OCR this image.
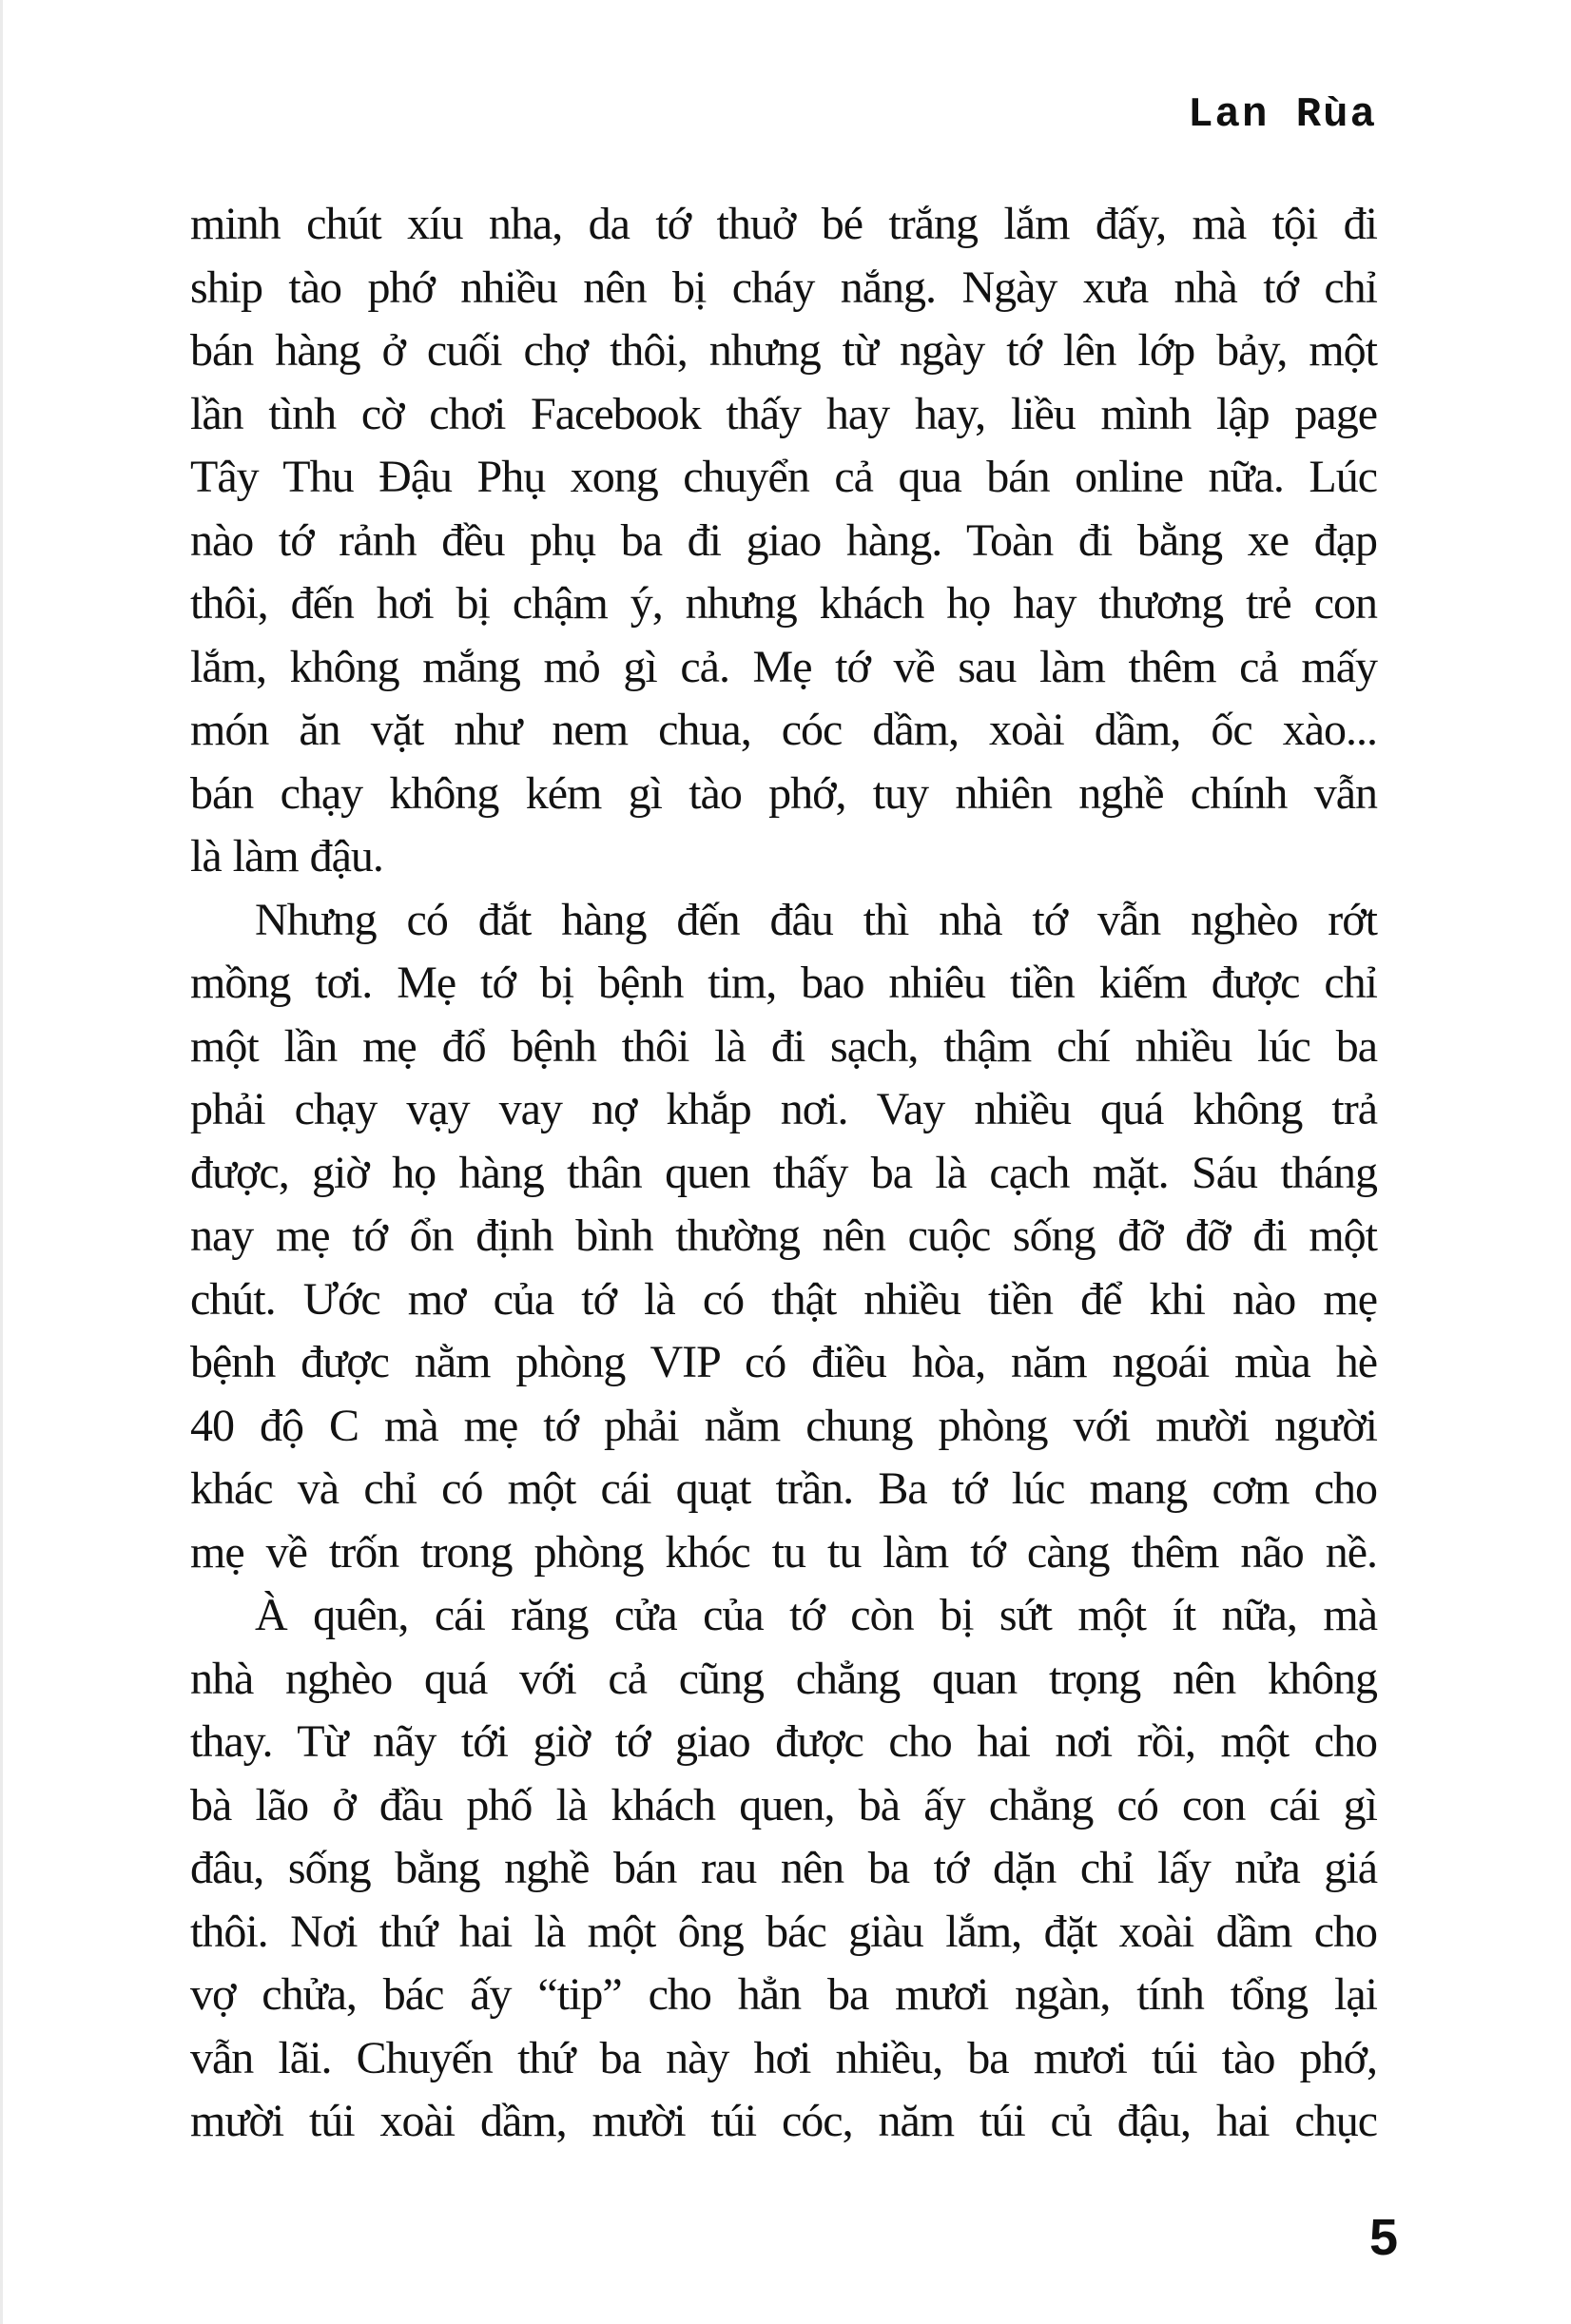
Lan Rùa
minh chút xíu nha, da tớ thuở bé trắng lắm đấy, mà tội đi
ship tào phớ nhiều nên bị cháy nắng. Ngày xưa nhà tớ chỉ
bán hàng ở cuối chợ thôi, nhưng từ ngày tớ lên lớp bảy, một
lần tình cờ chơi Facebook thấy hay hay, liều mình lập page
Tây Thu Đậu Phụ xong chuyển cả qua bán online nữa. Lúc
nào tớ rảnh đều phụ ba đi giao hàng. Toàn đi bằng xe đạp
thôi, đến hơi bị chậm ý, nhưng khách họ hay thương trẻ con
lắm, không mắng mỏ gì cả. Mẹ tớ về sau làm thêm cả mấy
món ăn vặt như nem chua, cóc dầm, xoài dầm, ốc xào...
bán chạy không kém gì tào phớ, tuy nhiên nghề chính vẫn
là làm đậu.
Nhưng có đắt hàng đến đâu thì nhà tớ vẫn nghèo rớt
mồng tơi. Mẹ tớ bị bệnh tim, bao nhiêu tiền kiếm được chỉ
một lần mẹ đổ bệnh thôi là đi sạch, thậm chí nhiều lúc ba
phải chạy vạy vay nợ khắp nơi. Vay nhiều quá không trả
được, giờ họ hàng thân quen thấy ba là cạch mặt. Sáu tháng
nay mẹ tớ ổn định bình thường nên cuộc sống đỡ đỡ đi một
chút. Ước mơ của tớ là có thật nhiều tiền để khi nào mẹ
bệnh được nằm phòng VIP có điều hòa, năm ngoái mùa hè
40 độ C mà mẹ tớ phải nằm chung phòng với mười người
khác và chỉ có một cái quạt trần. Ba tớ lúc mang cơm cho
mẹ về trốn trong phòng khóc tu tu làm tớ càng thêm não nề.
À quên, cái răng cửa của tớ còn bị sứt một ít nữa, mà
nhà nghèo quá với cả cũng chẳng quan trọng nên không
thay. Từ nãy tới giờ tớ giao được cho hai nơi rồi, một cho
bà lão ở đầu phố là khách quen, bà ấy chẳng có con cái gì
đâu, sống bằng nghề bán rau nên ba tớ dặn chỉ lấy nửa giá
thôi. Nơi thứ hai là một ông bác giàu lắm, đặt xoài dầm cho
vợ chửa, bác ấy “tip” cho hẳn ba mươi ngàn, tính tổng lại
vẫn lãi. Chuyến thứ ba này hơi nhiều, ba mươi túi tào phớ,
mười túi xoài dầm, mười túi cóc, năm túi củ đậu, hai chục
5
